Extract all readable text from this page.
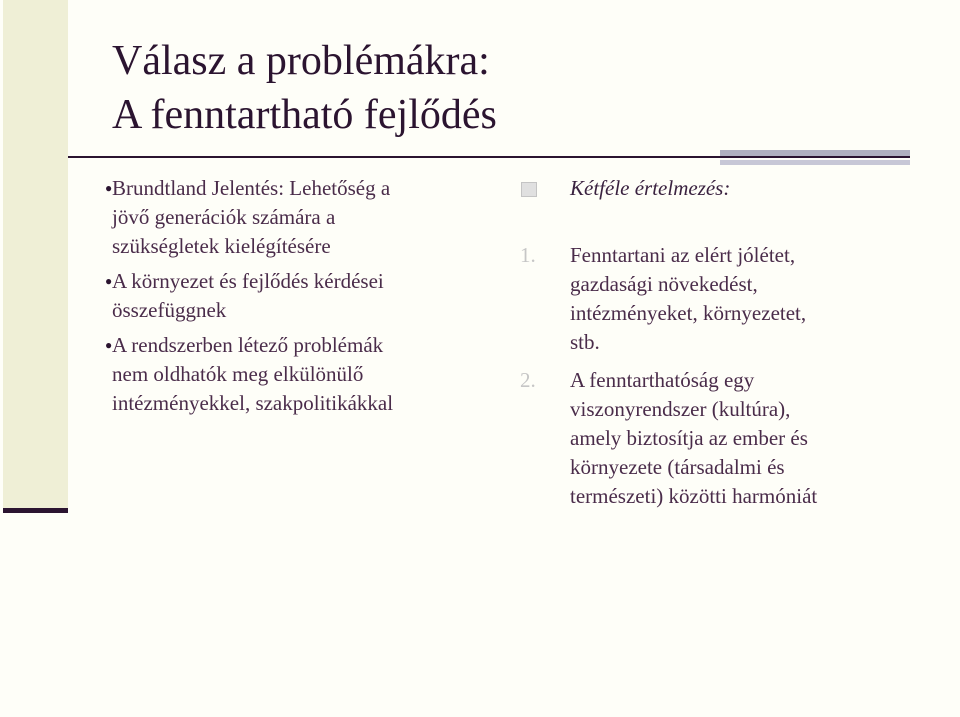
Válasz a problémákra:
A fenntartható fejlődés
● Brundtland Jelentés: Lehetőség a
jövő generációk számára a
szükségletek kielégítésére
● A környezet és fejlődés kérdései
összefüggnek
● A rendszerben létező problémák
nem oldhatók meg elkülönülő
intézményekkel, szakpolitikákkal
Kétféle értelmezés:
1. Fenntartani az elért jólétet,
gazdasági növekedést,
intézményeket, környezetet,
stb.
2. A fenntarthatóság egy
viszonyrendszer (kultúra),
amely biztosítja az ember és
környezete (társadalmi és
természeti) közötti harmóniát
